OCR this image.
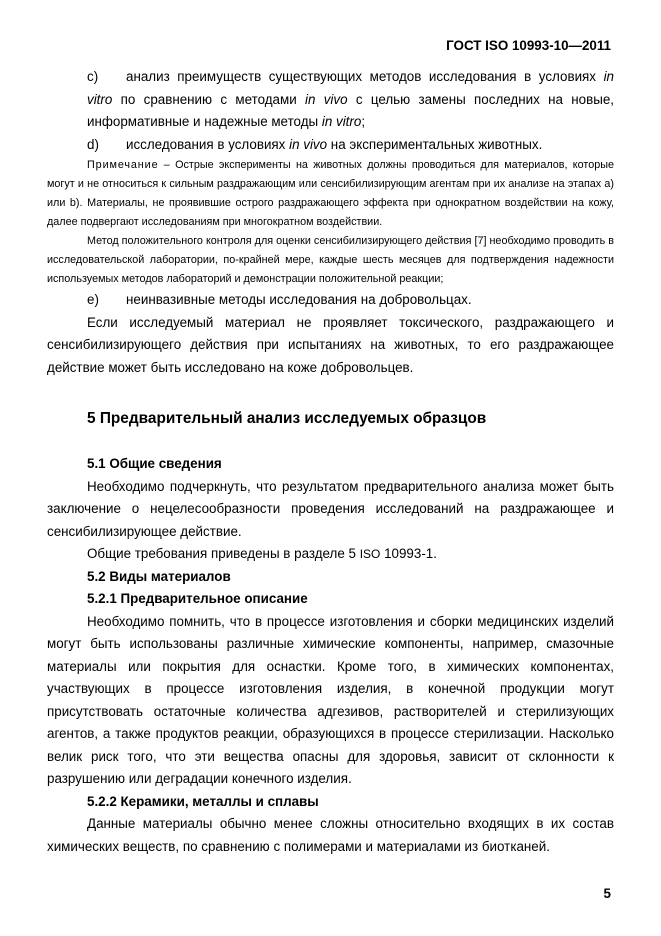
ГОСТ ISO 10993-10—2011

с) анализ преимуществ существующих методов исследования в условиях in vitro по сравнению с методами in vivo с целью замены последних на новые, информативные и надежные методы in vitro;

d) исследования в условиях in vivo на экспериментальных животных.

Примечание – Острые эксперименты на животных должны проводиться для материалов, которые могут и не относиться к сильным раздражающим или сенсибилизирующим агентам при их анализе на этапах а) или b). Материалы, не проявившие острого раздражающего эффекта при однократном воздействии на кожу, далее подвергают исследованиям при многократном воздействии.

Метод положительного контроля для оценки сенсибилизирующего действия [7] необходимо проводить в исследовательской лаборатории, по-крайней мере, каждые шесть месяцев для подтверждения надежности используемых методов лабораторий и демонстрации положительной реакции;

e) неинвазивные методы исследования на добровольцах.

Если исследуемый материал не проявляет токсического, раздражающего и сенсибилизирующего действия при испытаниях на животных, то его раздражающее действие может быть исследовано на коже добровольцев.

5 Предварительный анализ исследуемых образцов
5.1 Общие сведения

Необходимо подчеркнуть, что результатом предварительного анализа может быть заключение о нецелесообразности проведения исследований на раздражающее и сенсибилизирующее действие.

Общие требования приведены в разделе 5 ISO 10993-1.

5.2 Виды материалов
5.2.1 Предварительное описание

Необходимо помнить, что в процессе изготовления и сборки медицинских изделий могут быть использованы различные химические компоненты, например, смазочные материалы или покрытия для оснастки. Кроме того, в химических компонентах, участвующих в процессе изготовления изделия, в конечной продукции могут присутствовать остаточные количества адгезивов, растворителей и стерилизующих агентов, а также продуктов реакции, образующихся в процессе стерилизации. Насколько велик риск того, что эти вещества опасны для здоровья, зависит от склонности к разрушению или деградации конечного изделия.

5.2.2 Керамики, металлы и сплавы

Данные материалы обычно менее сложны относительно входящих в их состав химических веществ, по сравнению с полимерами и материалами из биотканей.

5
